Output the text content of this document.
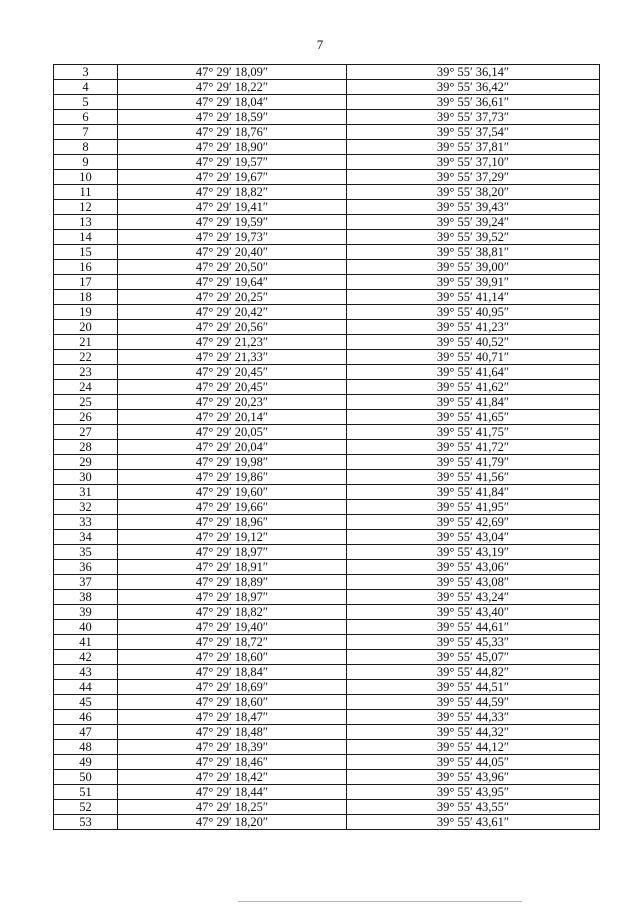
7
3	47° 29′ 18,09″	39° 55′ 36,14″
4	47° 29′ 18,22″	39° 55′ 36,42″
5	47° 29′ 18,04″	39° 55′ 36,61″
6	47° 29′ 18,59″	39° 55′ 37,73″
7	47° 29′ 18,76″	39° 55′ 37,54″
8	47° 29′ 18,90″	39° 55′ 37,81″
9	47° 29′ 19,57″	39° 55′ 37,10″
10	47° 29′ 19,67″	39° 55′ 37,29″
11	47° 29′ 18,82″	39° 55′ 38,20″
12	47° 29′ 19,41″	39° 55′ 39,43″
13	47° 29′ 19,59″	39° 55′ 39,24″
14	47° 29′ 19,73″	39° 55′ 39,52″
15	47° 29′ 20,40″	39° 55′ 38,81″
16	47° 29′ 20,50″	39° 55′ 39,00″
17	47° 29′ 19,64″	39° 55′ 39,91″
18	47° 29′ 20,25″	39° 55′ 41,14″
19	47° 29′ 20,42″	39° 55′ 40,95″
20	47° 29′ 20,56″	39° 55′ 41,23″
21	47° 29′ 21,23″	39° 55′ 40,52″
22	47° 29′ 21,33″	39° 55′ 40,71″
23	47° 29′ 20,45″	39° 55′ 41,64″
24	47° 29′ 20,45″	39° 55′ 41,62″
25	47° 29′ 20,23″	39° 55′ 41,84″
26	47° 29′ 20,14″	39° 55′ 41,65″
27	47° 29′ 20,05″	39° 55′ 41,75″
28	47° 29′ 20,04″	39° 55′ 41,72″
29	47° 29′ 19,98″	39° 55′ 41,79″
30	47° 29′ 19,86″	39° 55′ 41,56″
31	47° 29′ 19,60″	39° 55′ 41,84″
32	47° 29′ 19,66″	39° 55′ 41,95″
33	47° 29′ 18,96″	39° 55′ 42,69″
34	47° 29′ 19,12″	39° 55′ 43,04″
35	47° 29′ 18,97″	39° 55′ 43,19″
36	47° 29′ 18,91″	39° 55′ 43,06″
37	47° 29′ 18,89″	39° 55′ 43,08″
38	47° 29′ 18,97″	39° 55′ 43,24″
39	47° 29′ 18,82″	39° 55′ 43,40″
40	47° 29′ 19,40″	39° 55′ 44,61″
41	47° 29′ 18,72″	39° 55′ 45,33″
42	47° 29′ 18,60″	39° 55′ 45,07″
43	47° 29′ 18,84″	39° 55′ 44,82″
44	47° 29′ 18,69″	39° 55′ 44,51″
45	47° 29′ 18,60″	39° 55′ 44,59″
46	47° 29′ 18,47″	39° 55′ 44,33″
47	47° 29′ 18,48″	39° 55′ 44,32″
48	47° 29′ 18,39″	39° 55′ 44,12″
49	47° 29′ 18,46″	39° 55′ 44,05″
50	47° 29′ 18,42″	39° 55′ 43,96″
51	47° 29′ 18,44″	39° 55′ 43,95″
52	47° 29′ 18,25″	39° 55′ 43,55″
53	47° 29′ 18,20″	39° 55′ 43,61″
